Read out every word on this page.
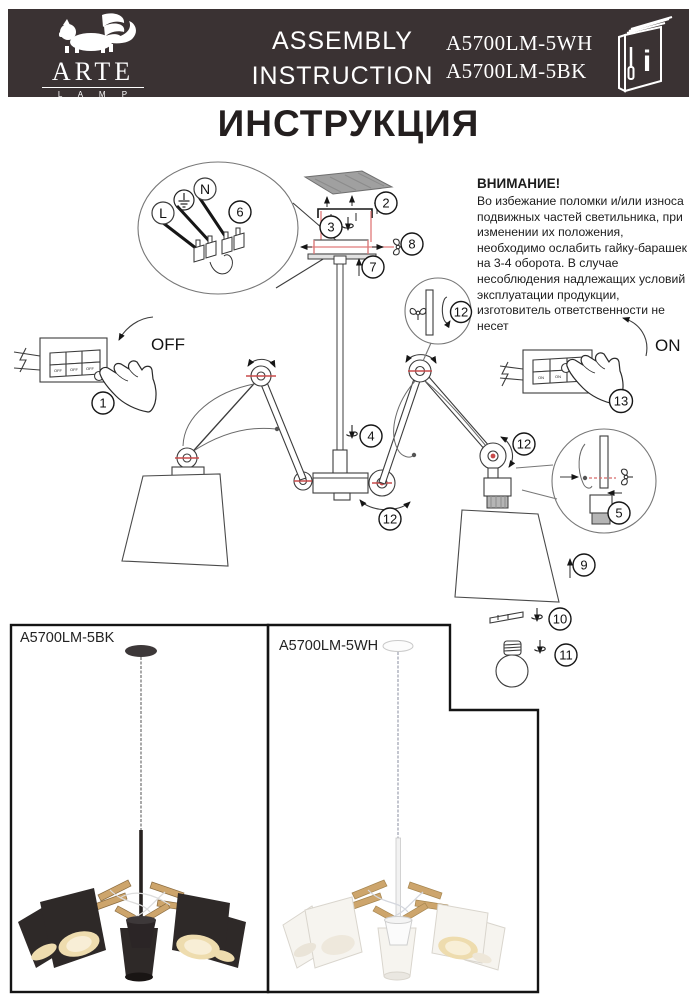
ARTE
L A M P
ASSEMBLY
INSTRUCTION
A5700LM-5WH
A5700LM-5BK i
ИНСТРУКЦИЯ
L
N
6
2
3
7
8
4
12
12
12
5
9
10
11
OFF OFF OFF
OFF
1
ON	ON
ON
13
ВНИМАНИЕ!

Во избежание поломки и/или износа подвижных частей светильника, при изменении их положения, необходимо ослабить гайку-барашек на 3-4 оборота. В случае несоблюдения надлежащих условий эксплуатации продукции, изготовитель ответственности не несет

A5700LM-5BK	A5700LM-5WH
